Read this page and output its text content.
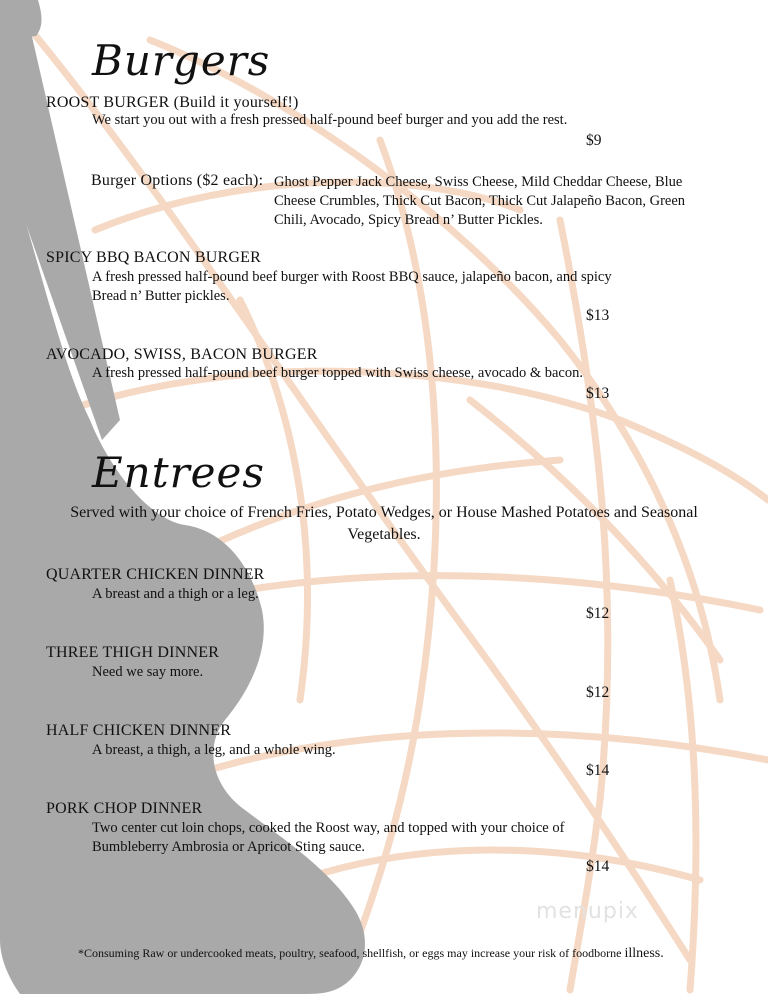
Burgers
ROOST BURGER (Build it yourself!)
We start you out with a fresh pressed half-pound beef burger and you add the rest.
$9
Burger Options ($2 each): Ghost Pepper Jack Cheese, Swiss Cheese, Mild Cheddar Cheese, Blue Cheese Crumbles, Thick Cut Bacon, Thick Cut Jalapeño Bacon, Green Chili, Avocado, Spicy Bread n’ Butter Pickles.
SPICY BBQ BACON BURGER
A fresh pressed half-pound beef burger with Roost BBQ sauce, jalapeño bacon, and spicy Bread n’ Butter pickles.
$13
AVOCADO, SWISS, BACON BURGER
A fresh pressed half-pound beef burger topped with Swiss cheese, avocado & bacon.
$13
Entrees
Served with your choice of French Fries, Potato Wedges, or House Mashed Potatoes and Seasonal Vegetables.
QUARTER CHICKEN DINNER
A breast and a thigh or a leg.
$12
THREE THIGH DINNER
Need we say more.
$12
HALF CHICKEN DINNER
A breast, a thigh, a leg, and a whole wing.
$14
PORK CHOP DINNER
Two center cut loin chops, cooked the Roost way, and topped with your choice of Bumbleberry Ambrosia or Apricot Sting sauce.
$14
menupix
*Consuming Raw or undercooked meats, poultry, seafood, shellfish, or eggs may increase your risk of foodborne illness.
